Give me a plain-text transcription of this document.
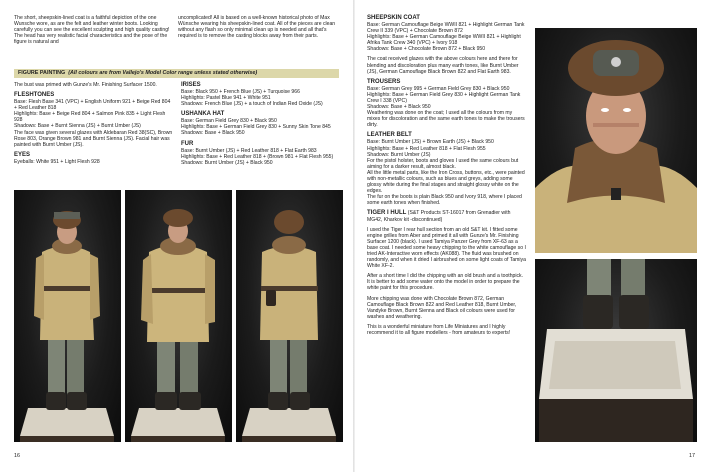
The short, sheepskin-lined coat is a faithful depiction of the one Wunsche wore, as are the felt and leather winter boots. Looking carefully you can see the excellent sculpting and high quality casting! The head has very realistic facial characteristics and the pose of the figure is natural and

uncomplicated! All is based on a well-known historical photo of Max Wünsche wearing his sheepskin-lined coat. All of the pieces are clean without any flash so only minimal clean up is needed and all that's required is to remove the casting blocks away from their parts.

FIGURE PAINTING (All colours are from Vallejo's Model Color range unless stated otherwise)

The bust was primed with Gunze's Mr. Finishing Surfacer 1500.

FLESHTONES

Base: Flesh Base 341 (VPC) + English Uniform 921 + Beige Red 804 + Red Leather 818
Highlights: Base + Beige Red 804 + Salmon Pink 835 + Light Flesh 928
Shadows: Base + Burnt Sienna (JS) + Burnt Umber (JS)
The face was given several glazes with Aldebaran Red 38(SC), Brown Rose 803, Orange Brown 981 and Burnt Sienna (JS). Facial hair was painted with Burnt Umber (JS).

EYES

Eyeballs: White 951 + Light Flesh 928

IRISES

Base: Black 950 + French Blue (JS) + Turquoise 966
Highlights: Pastel Blue 941 + White 951
Shadows: French Blue (JS) + a touch of Indian Red Oxide (JS)

USHANKA HAT

Base: German Field Grey 830 + Black 950
Highlights: Base + German Field Grey 830 + Sunny Skin Tone 845
Shadows: Base + Black 950

FUR

Base: Burnt Umber (JS) + Red Leather 818 + Flat Earth 983
Highlights: Base + Red Leather 818 + (Brown 981 + Flat Flesh 955)
Shadows: Burnt Umber (JS) + Black 950

16
SHEEPSKIN COAT

Base: German Camouflage Beige WWII 821 + Highlight German Tank Crew II 339 (VPC) + Chocolate Brown 872
Highlights: Base + German Camouflage Beige WWII 821 + Highlight Afrika Tank Crew 340 (VPC) + Ivory 918
Shadows: Base + Chocolate Brown 872 + Black 950

The coat received glazes with the above colours here and there for blending and discoloration plus many earth tones, like Burnt Umber (JS), German Camouflage Black Brown 822 and Flat Earth 983.

TROUSERS

Base: German Grey 995 + German Field Grey 830 + Black 950
Highlights: Base + German Field Grey 830 + Highlight German Tank Crew I 338 (VPC)
Shadows: Base + Black 950
Weathering was done on the coat; I used all the colours from my mixes for discoloration and the same earth tones to make the trousers dirty.

LEATHER BELT

Base: Burnt Umber (JS) + Brown Earth (JS) + Black 950
Highlights: Base + Red Leather 818 + Flat Flesh 955
Shadows: Burnt Umber (JS)
For the pistol holster, boots and gloves I used the same colours but aiming for a darker result, almost black.
All the little metal parts, like the Iron Cross, buttons, etc., were painted with non-metallic colours, such as blues and greys, adding some glossy white during the final stages and straight glossy white on the edges.
The fur on the boots is plain Black 950 and Ivory 918, where I placed some earth tones when finished.

TIGER I HULL (S&T Products ST-16017 from Grenadier with MG42, Kharkov kit -discontinued)

I used the Tiger I rear hull section from an old S&T kit. I fitted some engine grilles from Aber and primed it all with Gunze's Mr. Finishing Surfacer 1200 (black). I used Tamiya Panzer Grey from XF-63 as a base coat. I needed some heavy chipping to the white camouflage so I tried AK-Interactive worn effects (AK088). The fluid was brushed on randomly, and when it dried I airbrushed on some light coats of Tamiya White XF-2.

After a short time I did the chipping with an old brush and a toothpick. It is better to add some water onto the model in order to prepare the white paint for this procedure.

More chipping was done with Chocolate Brown 872, German Camouflage Black Brown 822 and Red Leather 818, Burnt Umber, Vandyke Brown, Burnt Sienna and Black oil colours were used for washes and weathering.

This is a wonderful miniature from Life Miniatures and I highly recommend it to all figure modellers - from amateurs to experts!

17
